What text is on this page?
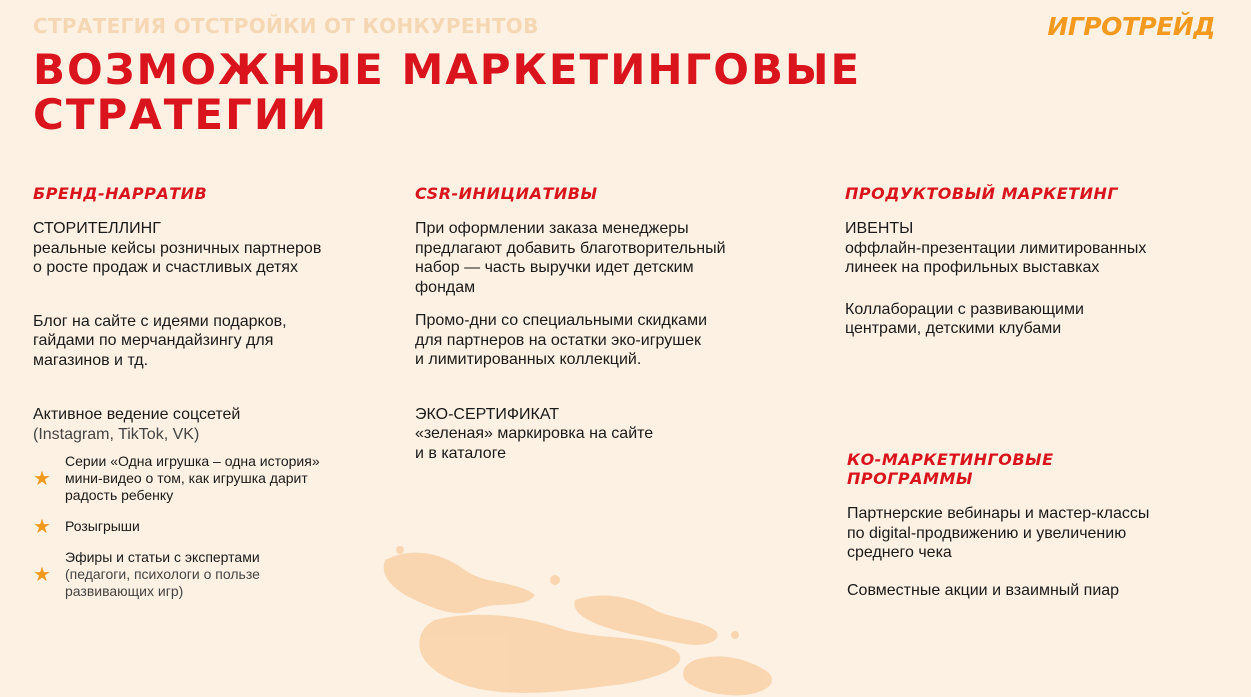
СТРАТЕГИЯ ОТСТРОЙКИ ОТ КОНКУРЕНТОВ	ИГРОТРЕЙД
ВОЗМОЖНЫЕ МАРКЕТИНГОВЫЕ
СТРАТЕГИИ
БРЕНД-НАРРАТИВ

СТОРИТЕЛЛИНГ

реальные кейсы розничных партнеров

о росте продаж и счастливых детях

Блог на сайте с идеями подарков,

гайдами по мерчандайзингу для

магазинов и тд.

Активное ведение соцсетей

(Instagram, TikTok, VK)

★

Серии «Одна игрушка – одна история»

мини-видео о том, как игрушка дарит

радость ребенку

★ Розыгрыши

★

Эфиры и статьи с экспертами

(педагоги, психологи о пользе

развивающих игр)

CSR-ИНИЦИАТИВЫ

При оформлении заказа менеджеры

предлагают добавить благотворительный

набор — часть выручки идет детским

фондам

Промо-дни со специальными скидками

для партнеров на остатки эко-игрушек

и лимитированных коллекций.

ЭКО-СЕРТИФИКАТ

«зеленая» маркировка на сайте

и в каталоге

ПРОДУКТОВЫЙ МАРКЕТИНГ

ИВЕНТЫ

оффлайн-презентации лимитированных

линеек на профильных выставках

Коллаборации с развивающими

центрами, детскими клубами

КО-МАРКЕТИНГОВЫЕ
ПРОГРАММЫ

Партнерские вебинары и мастер-классы

по digital-продвижению и увеличению

среднего чека

Совместные акции и взаимный пиар
